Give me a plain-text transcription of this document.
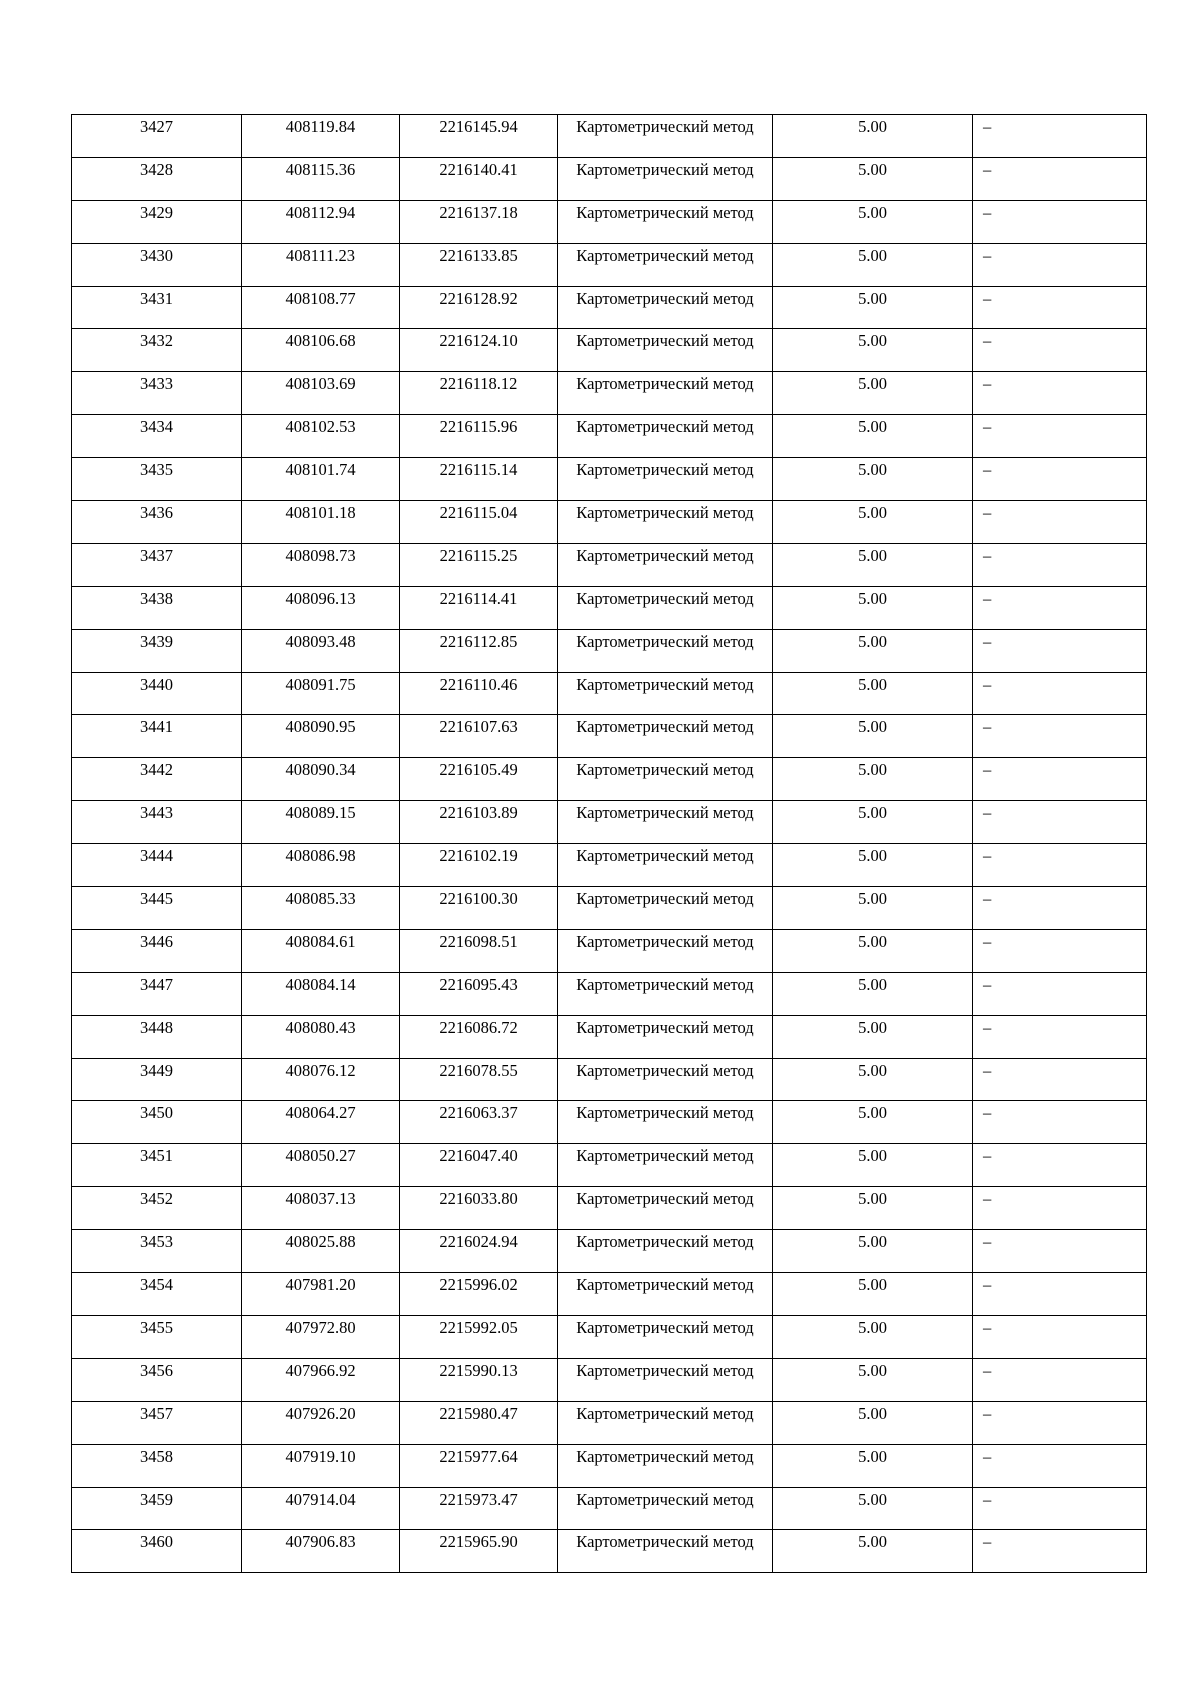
3427	408119.84	2216145.94	Картометрический метод	5.00	–

3428	408115.36	2216140.41	Картометрический метод	5.00	–

3429	408112.94	2216137.18	Картометрический метод	5.00	–

3430	408111.23	2216133.85	Картометрический метод	5.00	–

3431	408108.77	2216128.92	Картометрический метод	5.00	–

3432	408106.68	2216124.10	Картометрический метод	5.00	–

3433	408103.69	2216118.12	Картометрический метод	5.00	–

3434	408102.53	2216115.96	Картометрический метод	5.00	–

3435	408101.74	2216115.14	Картометрический метод	5.00	–

3436	408101.18	2216115.04	Картометрический метод	5.00	–

3437	408098.73	2216115.25	Картометрический метод	5.00	–

3438	408096.13	2216114.41	Картометрический метод	5.00	–

3439	408093.48	2216112.85	Картометрический метод	5.00	–

3440	408091.75	2216110.46	Картометрический метод	5.00	–

3441	408090.95	2216107.63	Картометрический метод	5.00	–

3442	408090.34	2216105.49	Картометрический метод	5.00	–

3443	408089.15	2216103.89	Картометрический метод	5.00	–

3444	408086.98	2216102.19	Картометрический метод	5.00	–

3445	408085.33	2216100.30	Картометрический метод	5.00	–

3446	408084.61	2216098.51	Картометрический метод	5.00	–

3447	408084.14	2216095.43	Картометрический метод	5.00	–

3448	408080.43	2216086.72	Картометрический метод	5.00	–

3449	408076.12	2216078.55	Картометрический метод	5.00	–

3450	408064.27	2216063.37	Картометрический метод	5.00	–

3451	408050.27	2216047.40	Картометрический метод	5.00	–

3452	408037.13	2216033.80	Картометрический метод	5.00	–

3453	408025.88	2216024.94	Картометрический метод	5.00	–

3454	407981.20	2215996.02	Картометрический метод	5.00	–

3455	407972.80	2215992.05	Картометрический метод	5.00	–

3456	407966.92	2215990.13	Картометрический метод	5.00	–

3457	407926.20	2215980.47	Картометрический метод	5.00	–

3458	407919.10	2215977.64	Картометрический метод	5.00	–

3459	407914.04	2215973.47	Картометрический метод	5.00	–

3460	407906.83	2215965.90	Картометрический метод	5.00	–
